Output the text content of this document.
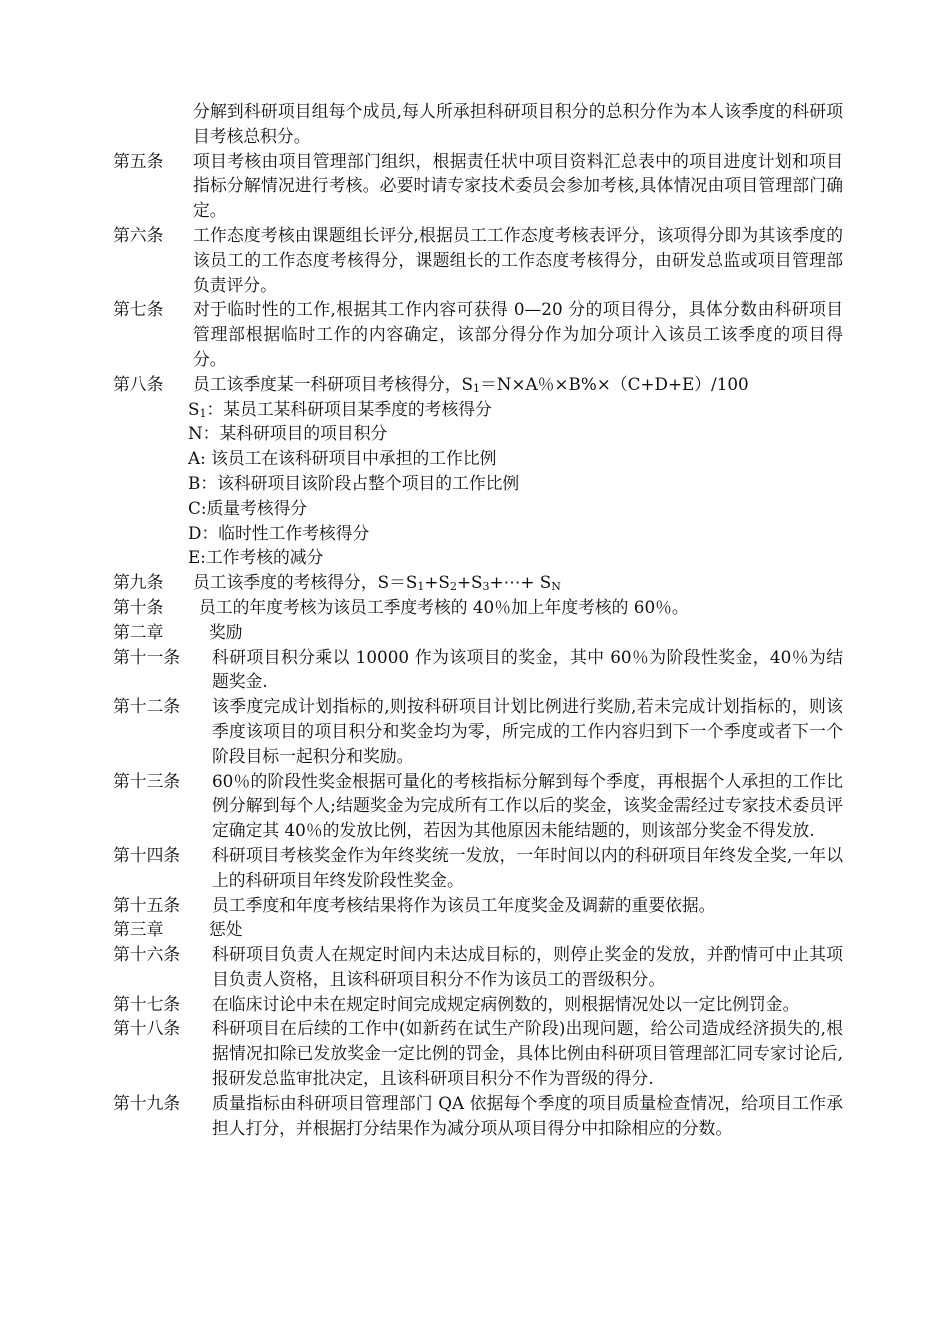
分解到科研项目组每个成员,每人所承担科研项目积分的总积分作为本人该季度的科研项目考核总积分。
第五条	项目考核由项目管理部门组织，根据责任状中项目资料汇总表中的项目进度计划和项目指标分解情况进行考核。必要时请专家技术委员会参加考核,具体情况由项目管理部门确定。
第六条	工作态度考核由课题组长评分,根据员工工作态度考核表评分，该项得分即为其该季度的该员工的工作态度考核得分，课题组长的工作态度考核得分，由研发总监或项目管理部负责评分。
第七条	对于临时性的工作,根据其工作内容可获得 0—20 分的项目得分，具体分数由科研项目管理部根据临时工作的内容确定，该部分得分作为加分项计入该员工该季度的项目得分。
第八条	员工该季度某一科研项目考核得分，$S_1=N\times A$％×B%×（C+D+E）/100
$S_1$：某员工某科研项目某季度的考核得分
N：某科研项目的项目积分
A: 该员工在该科研项目中承担的工作比例
B：该科研项目该阶段占整个项目的工作比例
C:质量考核得分
D：临时性工作考核得分
E:工作考核的减分
第九条	员工该季度的考核得分，$S=S_1+S_2+S_3+\cdots+ S_N$
第十条	员工的年度考核为该员工季度考核的 40％加上年度考核的 60％。
第二章	奖励
第十一条	科研项目积分乘以 10000 作为该项目的奖金，其中 60％为阶段性奖金，40％为结题奖金.
第十二条	该季度完成计划指标的,则按科研项目计划比例进行奖励,若未完成计划指标的，则该季度该项目的项目积分和奖金均为零，所完成的工作内容归到下一个季度或者下一个阶段目标一起积分和奖励。
第十三条	60％的阶段性奖金根据可量化的考核指标分解到每个季度，再根据个人承担的工作比例分解到每个人;结题奖金为完成所有工作以后的奖金，该奖金需经过专家技术委员评定确定其 40％的发放比例，若因为其他原因未能结题的，则该部分奖金不得发放.
第十四条	科研项目考核奖金作为年终奖统一发放，一年时间以内的科研项目年终发全奖,一年以上的科研项目年终发阶段性奖金。
第十五条	员工季度和年度考核结果将作为该员工年度奖金及调薪的重要依据。
第三章	惩处
第十六条	科研项目负责人在规定时间内未达成目标的，则停止奖金的发放，并酌情可中止其项目负责人资格，且该科研项目积分不作为该员工的晋级积分。
第十七条	在临床讨论中未在规定时间完成规定病例数的，则根据情况处以一定比例罚金。
第十八条	科研项目在后续的工作中(如新药在试生产阶段)出现问题，给公司造成经济损失的,根据情况扣除已发放奖金一定比例的罚金，具体比例由科研项目管理部汇同专家讨论后,报研发总监审批决定，且该科研项目积分不作为晋级的得分.
第十九条	质量指标由科研项目管理部门 QA 依据每个季度的项目质量检查情况，给项目工作承担人打分，并根据打分结果作为减分项从项目得分中扣除相应的分数。
